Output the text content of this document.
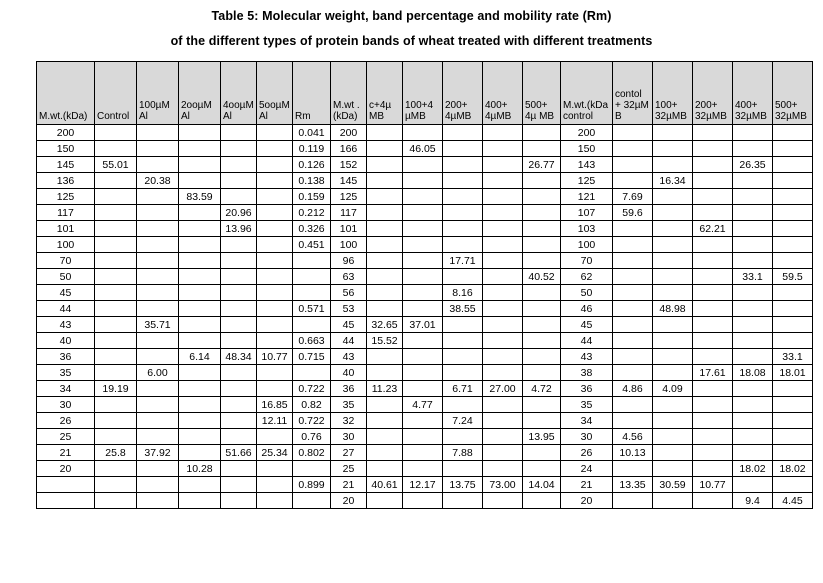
Table 5: Molecular weight, band percentage and mobility rate (Rm)
of the different types of protein bands of wheat treated with different treatments
M.wt.(kDa)	Control	100µM Al	2ooµM Al	4ooµM Al	5ooµM Al	Rm	M.wt .(kDa)	c+4µ MB	100+4 µMB	200+ 4µMB	400+ 4µMB	500+ 4µ MB	M.wt.(kDa control	contol + 32µM B	100+ 32µMB	200+ 32µMB	400+ 32µMB	500+ 32µMB

200						0.041	200						200					
150						0.119	166		46.05				150					
145	55.01					0.126	152					26.77	143				26.35	
136		20.38				0.138	145						125		16.34			
125			83.59			0.159	125						121	7.69				
117				20.96		0.212	117						107	59.6				
101				13.96		0.326	101						103			62.21		
100						0.451	100						100					
70							96			17.71			70					
50							63					40.52	62				33.1	59.5
45							56			8.16			50					
44						0.571	53			38.55			46		48.98			
43		35.71					45	32.65	37.01				45					
40						0.663	44	15.52					44					
36			6.14	48.34	10.77	0.715	43						43					33.1
35		6.00					40						38			17.61	18.08	18.01
34	19.19					0.722	36	11.23		6.71	27.00	4.72	36	4.86	4.09			
30					16.85	0.82	35		4.77				35					
26					12.11	0.722	32			7.24			34					
25						0.76	30					13.95	30	4.56				
21	25.8	37.92		51.66	25.34	0.802	27			7.88			26	10.13				
20			10.28				25						24				18.02	18.02
						0.899	21	40.61	12.17	13.75	73.00	14.04	21	13.35	30.59	10.77		
							20						20				9.4	4.45
